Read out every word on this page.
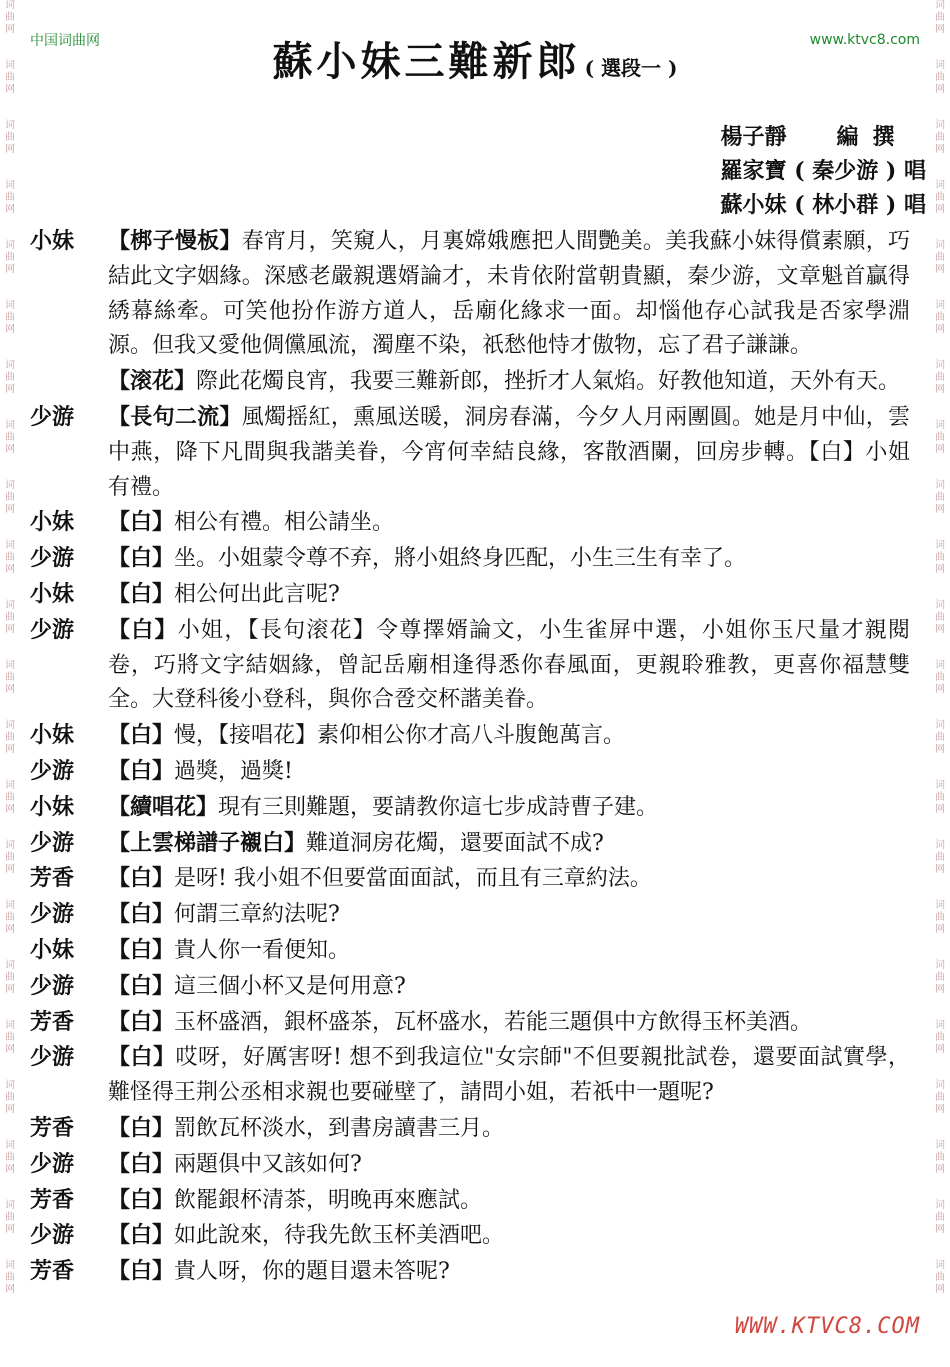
中国词曲网	www.ktvc8.com
词
曲
网
词
曲
网
词
曲
网
词
曲
网
词
曲
网
词
曲
网
词
曲
网
词
曲
网
词
曲
网
词
曲
网
词
曲
网
词
曲
网
词
曲
网
词
曲
网
词
曲
网
词
曲
网
词
曲
网
词
曲
网
词
曲
网
词
曲
网
词
曲
网
词
曲
网
词
曲
网
词
曲
网
词
曲
网
词
曲
网
词
曲
网
词
曲
网
词
曲
网
词
曲
网
词
曲
网
词
曲
网
词
曲
网
词
曲
网
词
曲
网
词
曲
网
词
曲
网
词
曲
网
词
曲
网
词
曲
网
词
曲
网
词
曲
网
词
曲
网
词
曲
网
蘇小妹三難新郎 ( 選段一 )
楊子靜 編撰
羅家寶 ( 秦少游 ) 唱
蘇小妹 ( 林小群 ) 唱
小妹	【梆子慢板】春宵月，笑窺人，月裏嫦娥應把人間艷美。美我蘇小妹得償素願，巧結此文字姻緣。深感老嚴親選婿論才，未肯依附當朝貴顯，秦少游，文章魁首贏得綉幕絲牽。可笑他扮作游方道人，岳廟化緣求一面。却惱他存心試我是否家學淵源。但我又愛他倜儻風流，濁塵不染，祇愁他恃才傲物，忘了君子謙謙。
【滚花】際此花燭良宵，我要三難新郎，挫折才人氣焰。好教他知道，天外有天。
少游	【長句二流】風燭摇紅，熏風送暖，洞房春滿，今夕人月兩團圓。她是月中仙，雲中燕，降下凡間與我諧美眷，今宵何幸結良緣，客散酒闌，回房步轉。【白】小姐有禮。
小妹	【白】相公有禮。相公請坐。
少游	【白】坐。小姐蒙令尊不弃，將小姐終身匹配，小生三生有幸了。
小妹	【白】相公何出此言呢?
少游	【白】小姐，【長句滚花】令尊擇婿論文，小生雀屏中選，小姐你玉尺量才親閱卷，巧將文字結姻緣，曾記岳廟相逢得悉你春風面，更親聆雅教，更喜你福慧雙全。大登科後小登科，與你合卺交杯諧美眷。
小妹	【白】慢，【接唱花】素仰相公你才高八斗腹飽萬言。
少游	【白】過獎，過獎!
小妹	【續唱花】現有三則難題，要請教你這七步成詩曹子建。
少游	【上雲梯譜子襯白】難道洞房花燭，還要面試不成?
芳香	【白】是呀! 我小姐不但要當面面試，而且有三章約法。
少游	【白】何謂三章約法呢?
小妹	【白】貴人你一看便知。
少游	【白】這三個小杯又是何用意?
芳香	【白】玉杯盛酒，銀杯盛茶，瓦杯盛水，若能三題俱中方飲得玉杯美酒。
少游	【白】哎呀，好厲害呀! 想不到我這位"女宗師"不但要親批試卷，還要面試實學，難怪得王荆公丞相求親也要碰壁了，請問小姐，若祇中一題呢?
芳香	【白】罰飲瓦杯淡水，到書房讀書三月。
少游	【白】兩題俱中又該如何?
芳香	【白】飲罷銀杯清茶，明晚再來應試。
少游	【白】如此說來，待我先飲玉杯美酒吧。
芳香	【白】貴人呀，你的題目還未答呢?
WWW.KTVC8.COM
